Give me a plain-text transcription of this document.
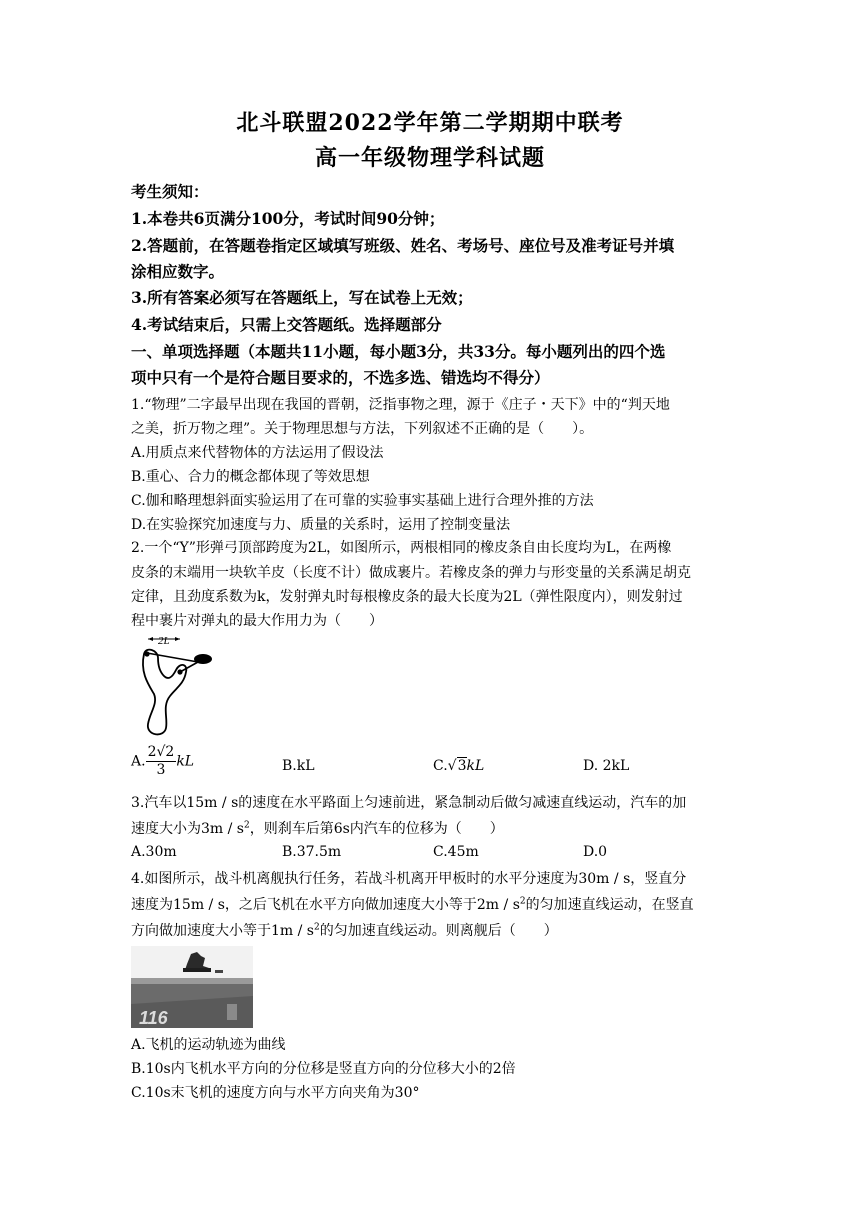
北斗联盟2022学年第二学期期中联考
高一年级物理学科试题
考生须知：
1.本卷共6页满分100分，考试时间90分钟；
2.答题前，在答题卷指定区域填写班级、姓名、考场号、座位号及准考证号并填
涂相应数字。
3.所有答案必须写在答题纸上，写在试卷上无效；
4.考试结束后，只需上交答题纸。选择题部分
一、单项选择题（本题共11小题，每小题3分，共33分。每小题列出的四个选
项中只有一个是符合题目要求的，不选多选、错选均不得分）
1.“物理”二字最早出现在我国的晋朝，泛指事物之理，源于《庄子・天下》中的“判天地
之美，折万物之理”。关于物理思想与方法，下列叙述不正确的是（　　）。
A.用质点来代替物体的方法运用了假设法
B.重心、合力的概念都体现了等效思想
C.伽和略理想斜面实验运用了在可靠的实验事实基础上进行合理外推的方法
D.在实验探究加速度与力、质量的关系时，运用了控制变量法
2.一个“Y”形弹弓顶部跨度为2L，如图所示，两根相同的橡皮条自由长度均为L，在两橡
皮条的末端用一块软羊皮（长度不计）做成裹片。若橡皮条的弹力与形变量的关系满足胡克
定律，且劲度系数为k，发射弹丸时每根橡皮条的最大长度为2L（弹性限度内），则发射过
程中裹片对弹丸的最大作用力为（　　）
2L
A. $\frac{2√2}{3}$ kL	B.kL	C.√3kL	D. 2kL
3.汽车以15m / s的速度在水平路面上匀速前进，紧急制动后做匀减速直线运动，汽车的加
速度大小为$3m / s^2$，则刹车后第6s内汽车的位移为（　　）
A.30m	B.37.5m	C.45m	D.0
4.如图所示，战斗机离舰执行任务，若战斗机离开甲板时的水平分速度为30m / s，竖直分
速度为15m / s，之后飞机在水平方向做加速度大小等于$2m / s^2$的匀加速直线运动，在竖直
方向做加速度大小等于$1m / s^2$的匀加速直线运动。则离舰后（　　）
116
A.飞机的运动轨迹为曲线
B.10s内飞机水平方向的分位移是竖直方向的分位移大小的2倍
C.10s末飞机的速度方向与水平方向夹角为30°
